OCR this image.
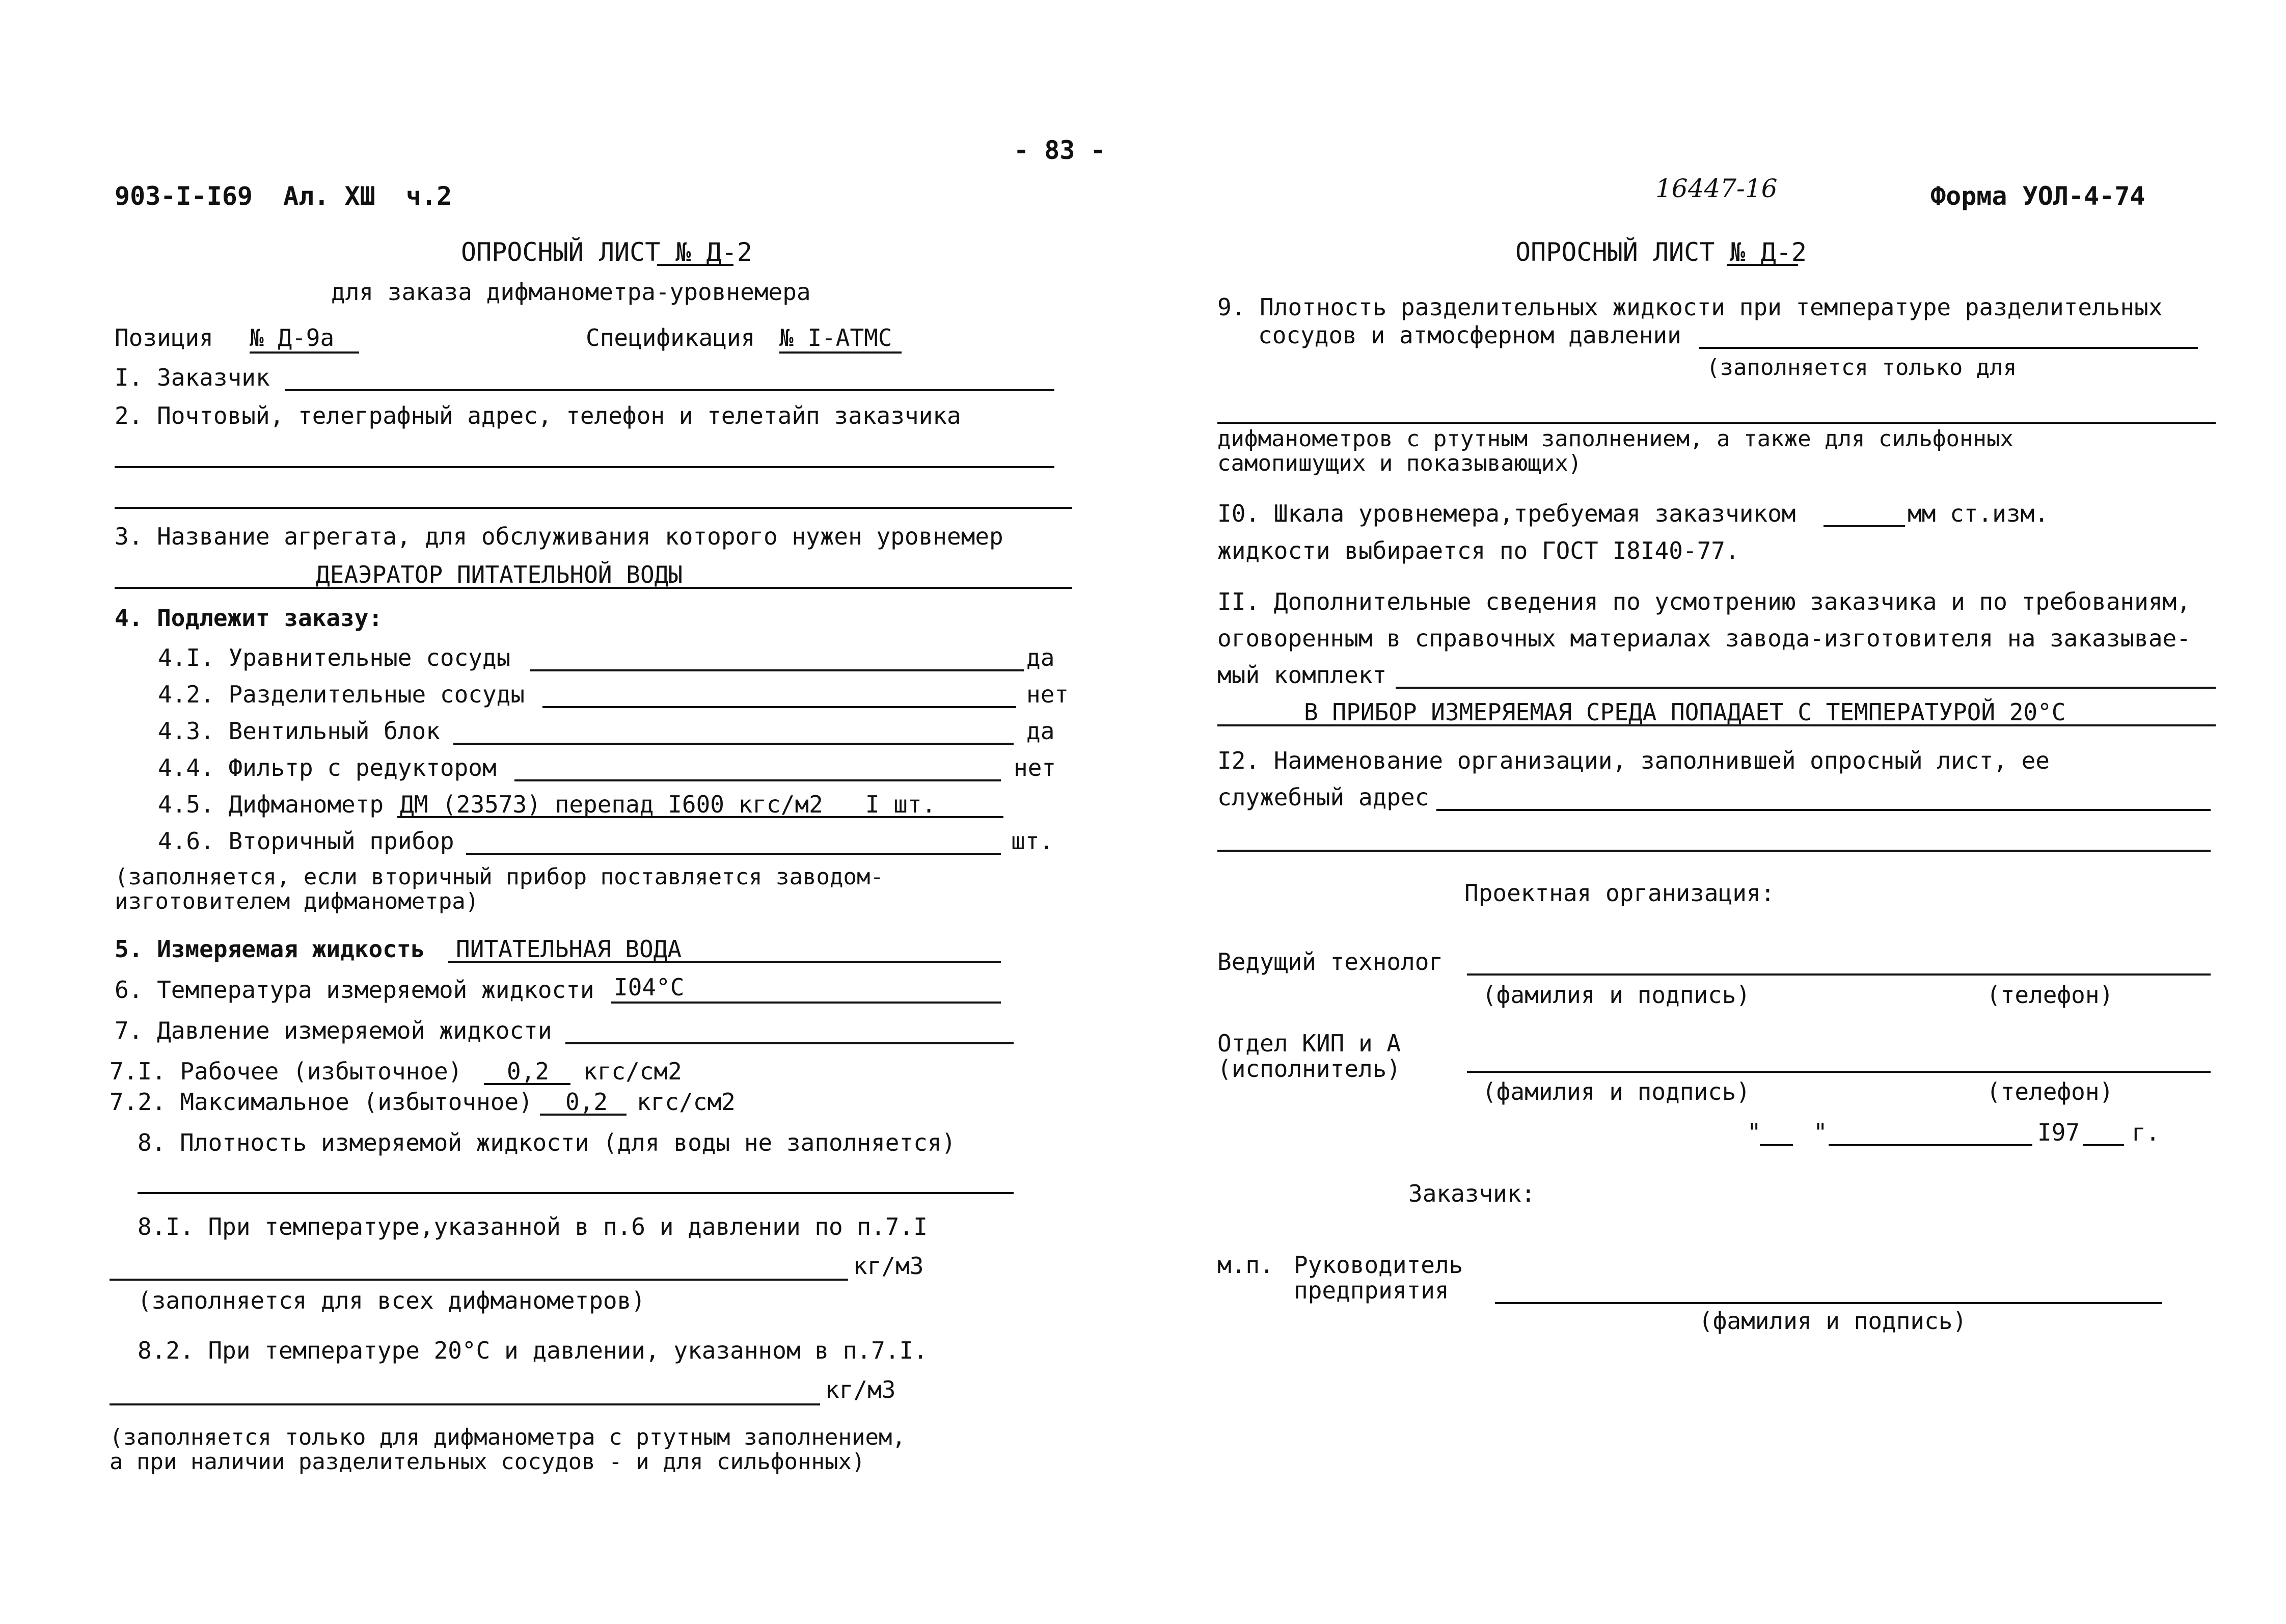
- 83 -
903-I-I69  Ал. ХШ  ч.2
ОПРОСНЫЙ ЛИСТ № Д-2
для заказа дифманометра-уровнемера
Позиция № Д-9а	Спецификация № I-АТМС
I. Заказчик
2. Почтовый, телеграфный адрес, телефон и телетайп заказчика
3. Название агрегата, для обслуживания которого нужен уровнемер
ДЕАЭРАТОР ПИТАТЕЛЬНОЙ ВОДЫ
4. Подлежит заказу:
4.I. Уравнительные сосуды	да
4.2. Разделительные сосуды	нет
4.3. Вентильный блок	да
4.4. Фильтр с редуктором	нет
4.5. Дифманометр ДМ (23573) перепад I600 кгс/м2   I шт.
4.6. Вторичный прибор	шт.
(заполняется, если вторичный прибор поставляется заводом-
изготовителем дифманометра)
5. Измеряемая жидкость ПИТАТЕЛЬНАЯ ВОДА
6. Температура измеряемой жидкости I04°С
7. Давление измеряемой жидкости
7.I. Рабочее (избыточное) 0,2 кгс/см2
7.2. Максимальное (избыточное) 0,2 кгс/см2
8. Плотность измеряемой жидкости (для воды не заполняется)
8.I. При температуре,указанной в п.6 и давлении по п.7.I
кг/м3
(заполняется для всех дифманометров)
8.2. При температуре 20°С и давлении, указанном в п.7.I.
кг/м3
(заполняется только для дифманометра с ртутным заполнением,
а при наличии разделительных сосудов - и для сильфонных)
16447-16	Форма УОЛ-4-74
ОПРОСНЫЙ ЛИСТ № Д-2
9. Плотность разделительных жидкости при температуре разделительных
сосудов и атмосферном давлении
(заполняется только для
дифманометров с ртутным заполнением, а также для сильфонных
самопишущих и показывающих)
I0. Шкала уровнемера,требуемая заказчиком	мм ст.изм.
жидкости выбирается по ГОСТ I8I40-77.
II. Дополнительные сведения по усмотрению заказчика и по требованиям,
оговоренным в справочных материалах завода-изготовителя на заказывае-
мый комплект
В ПРИБОР ИЗМЕРЯЕМАЯ СРЕДА ПОПАДАЕТ С ТЕМПЕРАТУРОЙ 20°С
I2. Наименование организации, заполнившей опросный лист, ее
служебный адрес
Проектная организация:
Ведущий технолог
(фамилия и подпись)	(телефон)
Отдел КИП и А
(исполнитель)
(фамилия и подпись)	(телефон)
" "	I97 г.
Заказчик:
м.п. Руководитель
предприятия
(фамилия и подпись)
